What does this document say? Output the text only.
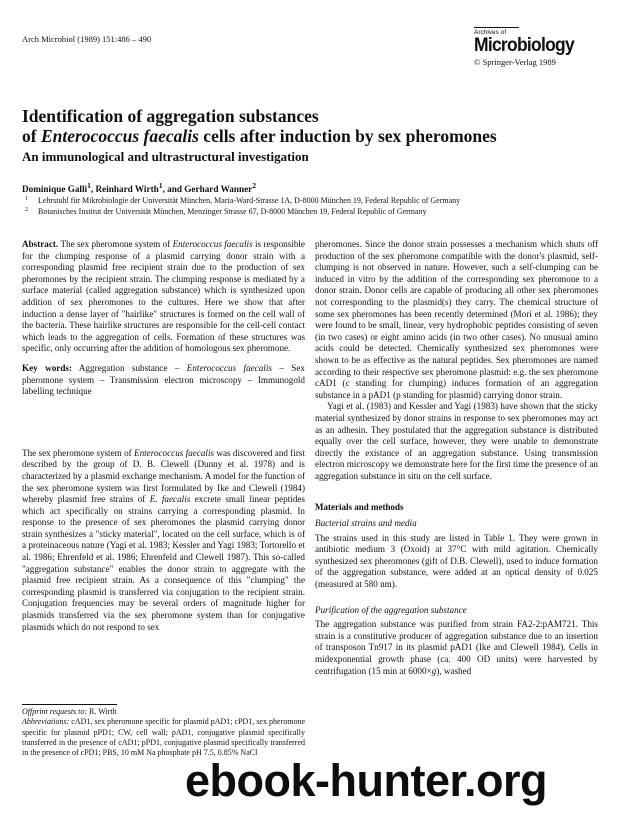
Arch Microbiol (1989) 151:486 – 490
Archives of
Microbiology
© Springer-Verlag 1989
Identification of aggregation substances
of Enterococcus faecalis cells after induction by sex pheromones
An immunological and ultrastructural investigation
Dominique Galli$^1$, Reinhard Wirth$^1$, and Gerhard Wanner$^2$
1 Lehrstuhl für Mikrobiologie der Universität München, Maria-Ward-Strasse 1A, D-8000 München 19, Federal Republic of Germany
2 Botanisches Institut der Universität München, Menzinger Strasse 67, D-8000 München 19, Federal Republic of Germany

Abstract. The sex pheromone system of Enterococcus faecalis is responsible for the clumping response of a plasmid carrying donor strain with a corresponding plasmid free recipient strain due to the production of sex pheromones by the recipient strain. The clumping response is mediated by a surface material (called aggregation substance) which is synthesized upon addition of sex pheromones to the cultures. Here we show that after induction a dense layer of "hairlike" structures is formed on the cell wall of the bacteria. These hairlike structures are responsible for the cell-cell contact which leads to the aggregation of cells. Formation of these structures was specific, only occurring after the addition of homologous sex pheromone.

Key words: Aggregation substance – Enterococcus faecalis – Sex pheromone system – Transmission electron microscopy – Immunogold labelling technique

The sex pheromone system of Enterococcus faecalis was discovered and first described by the group of D. B. Clewell (Dunny et al. 1978) and is characterized by a plasmid exchange mechanism. A model for the function of the sex pheromone system was first formulated by Ike and Clewell (1984) whereby plasmid free strains of E. faecalis excrete small linear peptides which act specifically on strains carrying a corresponding plasmid. In response to the presence of sex pheromones the plasmid carrying donor strain synthesizes a "sticky material", located on the cell surface, which is of a proteinaceous nature (Yagi et al. 1983; Kessler and Yagi 1983; Tortorello et al. 1986; Ehrenfeld et al. 1986; Ehrenfeld and Clewell 1987). This so-called "aggregation substance" enables the donor strain to aggregate with the plasmid free recipient strain. As a consequence of this "clumping" the corresponding plasmid is transferred via conjugation to the recipient strain. Conjugation frequencies may be several orders of magnitude higher for plasmids transferred via the sex pheromone system than for conjugative plasmids which do not respond to sex

Offprint requests to: R. Wirth

Abbreviations: cAD1, sex pheromone specific for plasmid pAD1; cPD1, sex pheromone specific for plasmid pPD1; CW, cell wall; pAD1, conjugative plasmid specifically transferred in the presence of cAD1; pPD1, conjugative plasmid specifically transferred in the presence of cPD1; PBS, 10 mM Na phosphate pH 7.5, 0.85% NaCl

pheromones. Since the donor strain possesses a mechanism which shuts off production of the sex pheromone compatible with the donor's plasmid, self-clumping is not observed in nature. However, such a self-clumping can be induced in vitro by the addition of the corresponding sex pheromone to a donor strain. Donor cells are capable of producing all other sex pheromones not corresponding to the plasmid(s) they carry. The chemical structure of some sex pheromones has been recently determined (Mori et al. 1986); they were found to be small, linear, very hydrophobic peptides consisting of seven (in two cases) or eight amino acids (in two other cases). No unusual amino acids could be detected. Chemically synthesized sex pheromones were shown to be as effective as the natural peptides. Sex pheromones are named according to their respective sex pheromone plasmid: e.g. the sex pheromone cAD1 (c standing for clumping) induces formation of an aggregation substance in a pAD1 (p standing for plasmid) carrying donor strain.

Yagi et al. (1983) and Kessler and Yagi (1983) have shown that the sticky material synthesized by donor strains in response to sex pheromones may act as an adhesin. They postulated that the aggregation substance is distributed equally over the cell surface, however, they were unable to demonstrate directly the existance of an aggregation substance. Using transmission electron microscopy we demonstrate here for the first time the presence of an aggregation substance in situ on the cell surface.

Materials and methods

Bacterial strains and media

The strains used in this study are listed in Table 1. They were grown in antibiotic medium 3 (Oxoid) at 37°C with mild agitation. Chemically synthesized sex pheromones (gift of D.B. Clewell), used to induce formation of the aggregation substance, were added at an optical density of 0.025 (measured at 580 nm).

Purification of the aggregation substance

The aggregation substance was purified from strain FA2-2:pAM721. This strain is a constitutive producer of aggregation substance due to an insertion of transposon Tn917 in its plasmid pAD1 (Ike and Clewell 1984). Cells in midexponential growth phase (ca. 400 OD units) were harvested by centrifugation (15 min at 6000×g), washed

ebook-hunter.org
